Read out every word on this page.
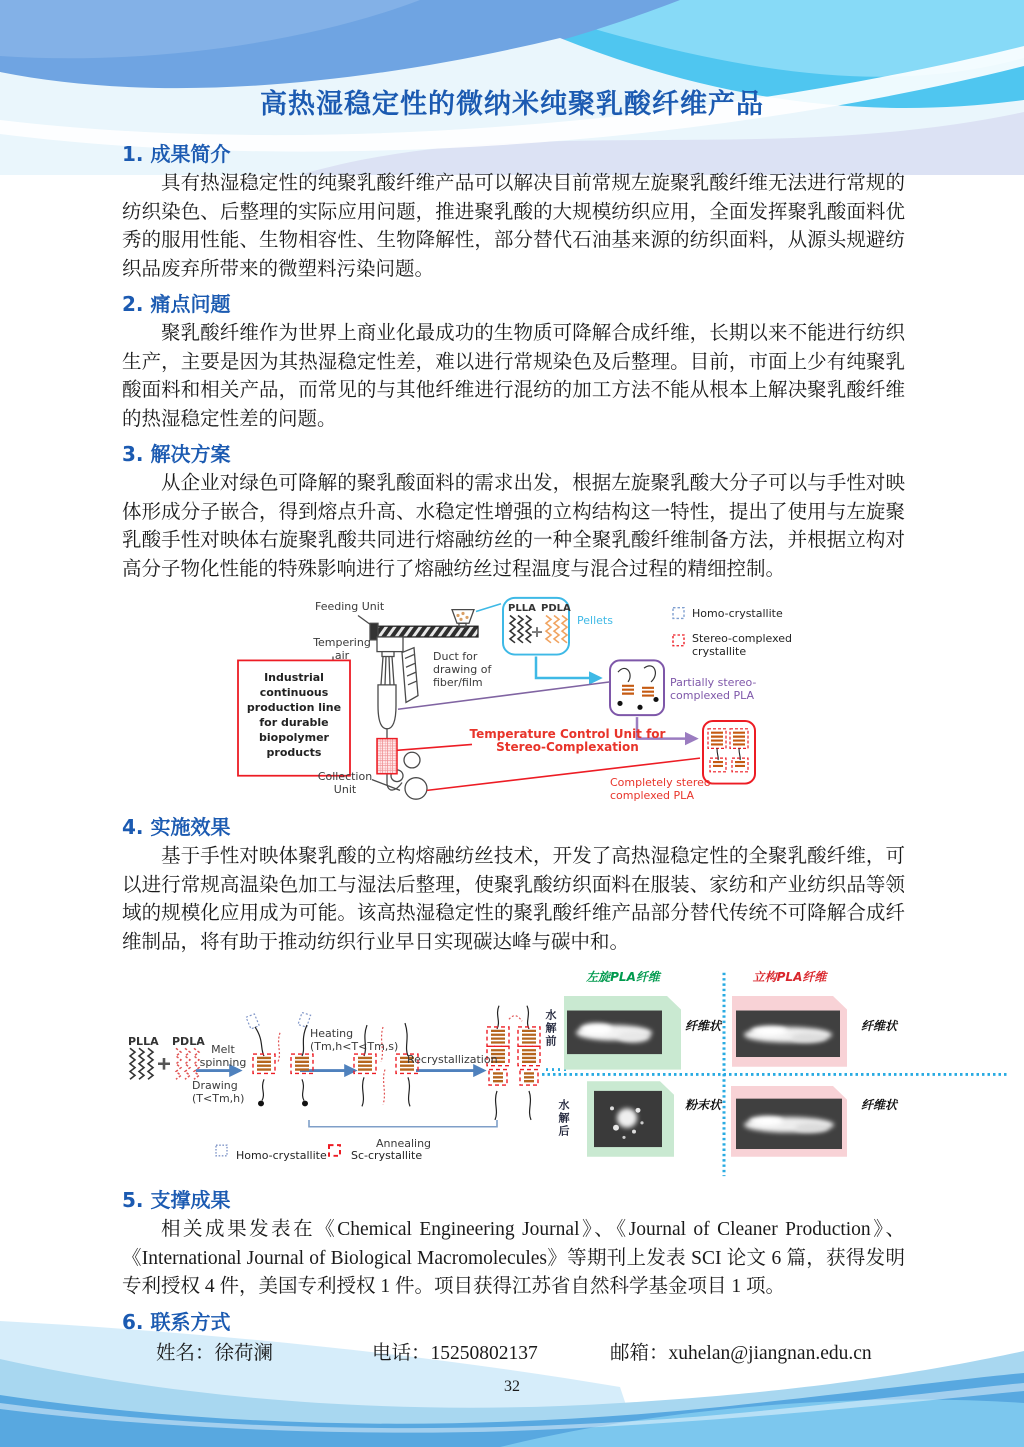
高热湿稳定性的微纳米纯聚乳酸纤维产品
1. 成果简介

具有热湿稳定性的纯聚乳酸纤维产品可以解决目前常规左旋聚乳酸纤维无法进行常规的纺织染色、后整理的实际应用问题，推进聚乳酸的大规模纺织应用，全面发挥聚乳酸面料优秀的服用性能、生物相容性、生物降解性，部分替代石油基来源的纺织面料，从源头规避纺织品废弃所带来的微塑料污染问题。

2. 痛点问题

聚乳酸纤维作为世界上商业化最成功的生物质可降解合成纤维，长期以来不能进行纺织生产，主要是因为其热湿稳定性差，难以进行常规染色及后整理。目前，市面上少有纯聚乳酸面料和相关产品，而常见的与其他纤维进行混纺的加工方法不能从根本上解决聚乳酸纤维的热湿稳定性差的问题。

3. 解决方案

从企业对绿色可降解的聚乳酸面料的需求出发，根据左旋聚乳酸大分子可以与手性对映体形成分子嵌合，得到熔点升高、水稳定性增强的立构结构这一特性，提出了使用与左旋聚乳酸手性对映体右旋聚乳酸共同进行熔融纺丝的一种全聚乳酸纤维制备方法，并根据立构对高分子物化性能的特殊影响进行了熔融纺丝过程温度与混合过程的精细控制。

Industrial continuous production line for durable biopolymer products
Feeding Unit
Tempering air	Duct for drawing of fiber/film
Collection Unit
PLLA PDLA
Pellets
Homo-crystallite
Stereo-complexed crystallite
Partially stereo-complexed PLA
Temperature Control Unit for Stereo-Complexation
Completely stereo-complexed PLA
4. 实施效果

基于手性对映体聚乳酸的立构熔融纺丝技术，开发了高热湿稳定性的全聚乳酸纤维，可以进行常规高温染色加工与湿法后整理，使聚乳酸纺织面料在服装、家纺和产业纺织品等领域的规模化应用成为可能。该高热湿稳定性的聚乳酸纤维产品部分替代传统不可降解合成纤维制品，将有助于推动纺织行业早日实现碳达峰与碳中和。

PLLA PDLA
Melt spinning
Drawing (T<Tm,h)
Heating (Tm,h<T<Tm,s)
Recrystallization
Annealing
Homo-crystallite Sc-crystallite
水解前
水解后
左旋PLA纤维	立构PLA纤维
纤维状	纤维状
粉末状	纤维状
5. 支撑成果

相关成果发表在《Chemical Engineering Journal》、《Journal of Cleaner Production》、《International Journal of Biological Macromolecules》等期刊上发表 SCI 论文 6 篇，获得发明专利授权 4 件，美国专利授权 1 件。项目获得江苏省自然科学基金项目 1 项。

6. 联系方式
姓名：徐荷澜	电话：15250802137	邮箱：xuhelan@jiangnan.edu.cn
32
